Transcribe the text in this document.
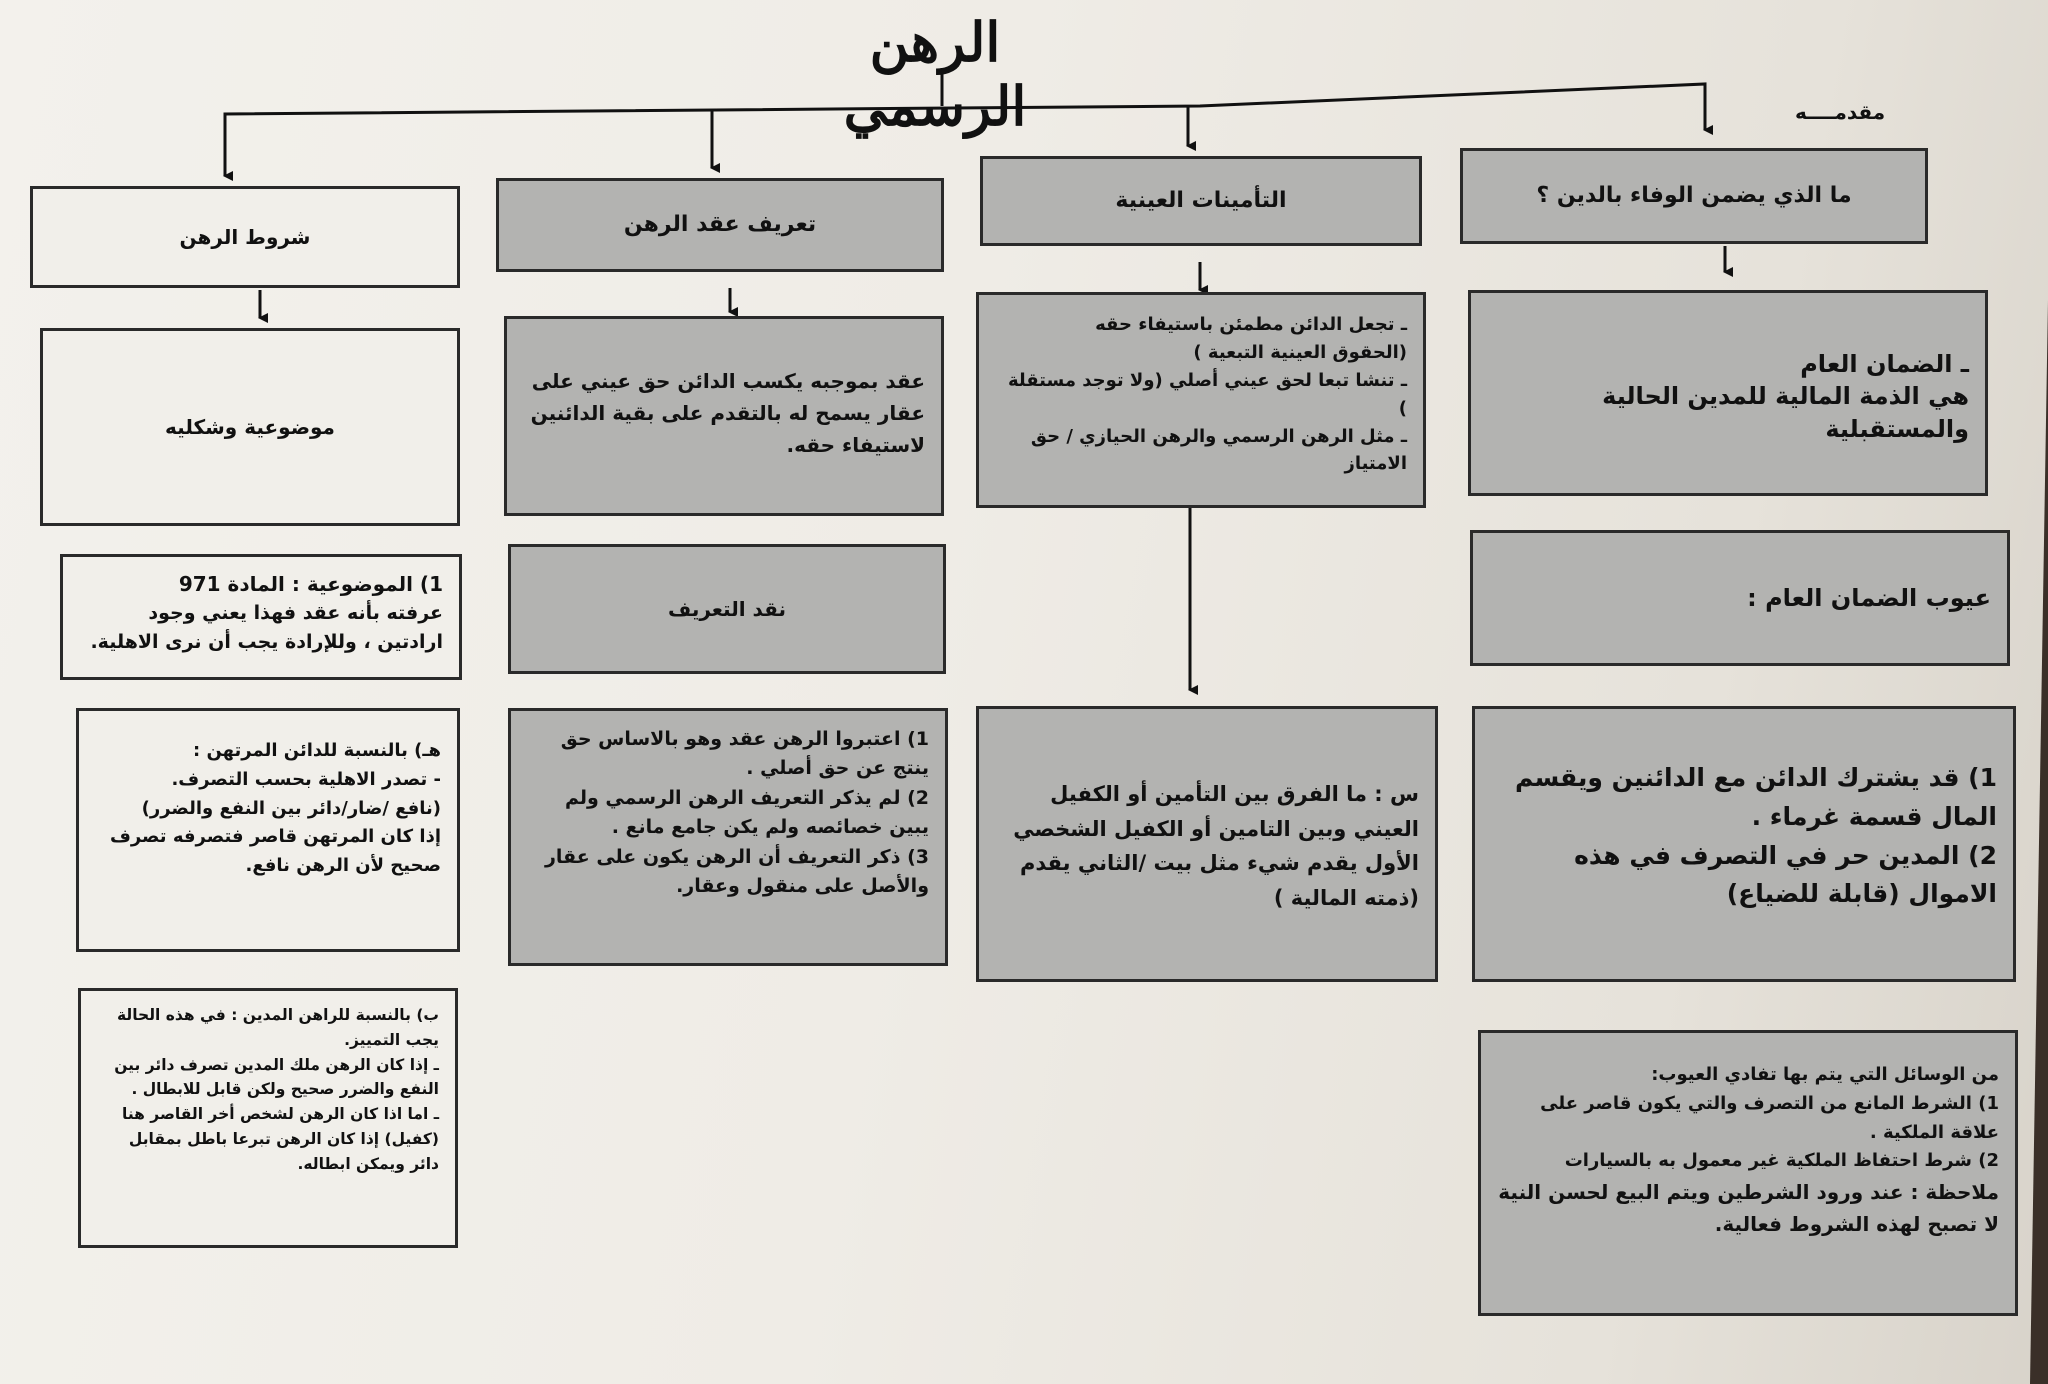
الرهن الرسمي	مقدمــــه
ما الذي يضمن الوفاء بالدين ؟
ـ الضمان العام
هي الذمة المالية للمدين الحالية والمستقبلية
عيوب الضمان العام :
1) قد يشترك الدائن مع الدائنين ويقسم المال قسمة غرماء .
2) المدين حر في التصرف في هذه الاموال (قابلة للضياع)
من الوسائل التي يتم بها تفادي العيوب:
1) الشرط المانع من التصرف والتي يكون قاصر على علاقة الملكية .
2) شرط احتفاظ الملكية غير معمول به بالسيارات
ملاحظة : عند ورود الشرطين ويتم البيع لحسن النية لا تصبح لهذه الشروط فعالية.
التأمينات العينية
ـ تجعل الدائن مطمئن باستيفاء حقه
(الحقوق العينية التبعية )
ـ تنشا تبعا لحق عيني أصلي (ولا توجد مستقلة )
ـ مثل الرهن الرسمي والرهن الحيازي / حق الامتياز
س : ما الفرق بين التأمين أو الكفيل العيني وبين التامين أو الكفيل الشخصي الأول يقدم شيء مثل بيت /الثاني يقدم (ذمته المالية )
تعريف عقد الرهن
عقد بموجبه يكسب الدائن حق عيني على عقار يسمح له بالتقدم على بقية الدائنين لاستيفاء حقه.
نقد التعريف
1) اعتبروا الرهن عقد وهو بالاساس حق ينتج عن حق أصلي .
2) لم يذكر التعريف الرهن الرسمي ولم يبين خصائصه ولم يكن جامع مانع .
3) ذكر التعريف أن الرهن يكون على عقار والأصل على منقول وعقار.
شروط الرهن
موضوعية وشكليه
1) الموضوعية : المادة 971
عرفته بأنه عقد فهذا يعني وجود ارادتين ، وللإرادة يجب أن نرى الاهلية.
هـ) بالنسبة للدائن المرتهن :
- تصدر الاهلية بحسب التصرف.
(نافع /ضار/دائر بين النفع والضرر)
إذا كان المرتهن قاصر فتصرفه تصرف صحيح لأن الرهن نافع.
ب) بالنسبة للراهن المدين : في هذه الحالة يجب التمييز.
ـ إذا كان الرهن ملك المدين تصرف دائر بين النفع والضرر صحيح ولكن قابل للابطال .
ـ اما اذا كان الرهن لشخص أخر القاصر هنا (كفيل) إذا كان الرهن تبرعا باطل بمقابل دائر ويمكن ابطاله.
